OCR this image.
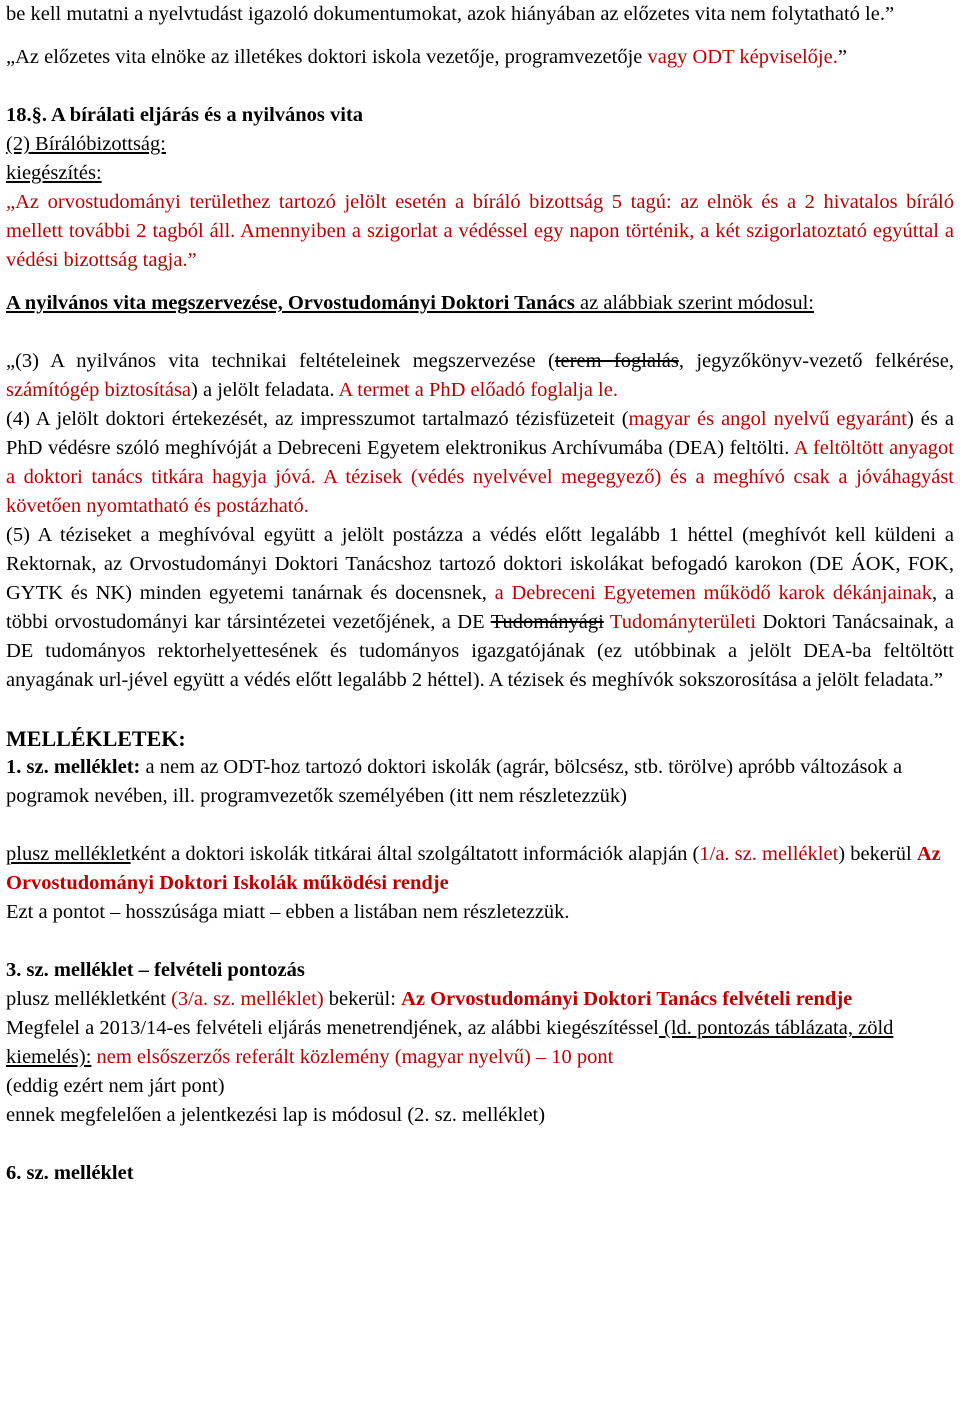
be kell mutatni a nyelvtudást igazoló dokumentumokat, azok hiányában az előzetes vita nem folytatható le.”

„Az előzetes vita elnöke az illetékes doktori iskola vezetője, programvezetője vagy ODT képviselője.”

18.§. A bírálati eljárás és a nyilvános vita

(2) Bírálóbizottság:

kiegészítés:

„Az orvostudományi területhez tartozó jelölt esetén a bíráló bizottság 5 tagú: az elnök és a 2 hivatalos bíráló mellett további 2 tagból áll. Amennyiben a szigorlat a védéssel egy napon történik, a két szigorlatoztató egyúttal a védési bizottság tagja.”

A nyilvános vita megszervezése, Orvostudományi Doktori Tanács az alábbiak szerint módosul:

„(3) A nyilvános vita technikai feltételeinek megszervezése (terem foglalás, jegyzőkönyv-vezető felkérése, számítógép biztosítása) a jelölt feladata. A termet a PhD előadó foglalja le.

(4) A jelölt doktori értekezését, az impresszumot tartalmazó tézisfüzeteit (magyar és angol nyelvű egyaránt) és a PhD védésre szóló meghívóját a Debreceni Egyetem elektronikus Archívumába (DEA) feltölti. A feltöltött anyagot a doktori tanács titkára hagyja jóvá. A tézisek (védés nyelvével megegyező) és a meghívó csak a jóváhagyást követően nyomtatható és postázható.

(5) A téziseket a meghívóval együtt a jelölt postázza a védés előtt legalább 1 héttel (meghívót kell küldeni a Rektornak, az Orvostudományi Doktori Tanácshoz tartozó doktori iskolákat befogadó karokon (DE ÁOK, FOK, GYTK és NK) minden egyetemi tanárnak és docensnek, a Debreceni Egyetemen működő karok dékánjainak, a többi orvostudományi kar társintézetei vezetőjének, a DE Tudományági Tudományterületi Doktori Tanácsainak, a DE tudományos rektorhelyettesének és tudományos igazgatójának (ez utóbbinak a jelölt DEA-ba feltöltött anyagának url-jével együtt a védés előtt legalább 2 héttel). A tézisek és meghívók sokszorosítása a jelölt feladata.”

MELLÉKLETEK:

1. sz. melléklet: a nem az ODT-hoz tartozó doktori iskolák (agrár, bölcsész, stb. törölve) apróbb változások a pogramok nevében, ill. programvezetők személyében (itt nem részletezzük)

plusz mellékletként a doktori iskolák titkárai által szolgáltatott információk alapján (1/a. sz. melléklet) bekerül Az Orvostudományi Doktori Iskolák működési rendje

Ezt a pontot – hosszúsága miatt – ebben a listában nem részletezzük.

3. sz. melléklet – felvételi pontozás

plusz mellékletként (3/a. sz. melléklet) bekerül: Az Orvostudományi Doktori Tanács felvételi rendje

Megfelel a 2013/14-es felvételi eljárás menetrendjének, az alábbi kiegészítéssel (ld. pontozás táblázata, zöld kiemelés): nem elsőszerzős referált közlemény (magyar nyelvű) – 10 pont

(eddig ezért nem járt pont)

ennek megfelelően a jelentkezési lap is módosul (2. sz. melléklet)

6. sz. melléklet
